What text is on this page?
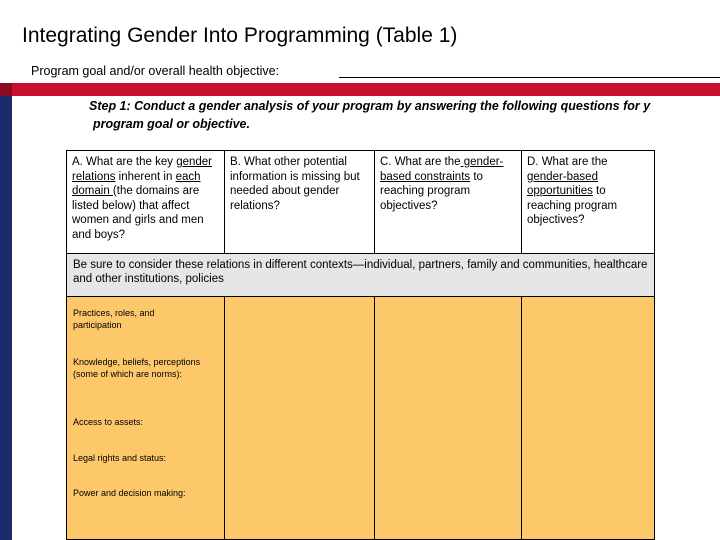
Integrating Gender Into Programming (Table 1)
Program goal and/or overall health objective:
Step 1: Conduct a gender analysis of your program by answering the following questions for y
program goal or objective.
A. What are the key gender relations inherent in each domain (the domains are listed below) that affect women and girls and men and boys?	B. What other potential information is missing but needed about gender relations?	C. What are the gender-based constraints to reaching program objectives?	D. What are the gender-based opportunities to reaching program objectives?
Be sure to consider these relations in different contexts—individual, partners, family and communities, healthcare and other institutions, policies			

Practices, roles, and participation
Knowledge, beliefs, perceptions (some of which are norms):
Access to assets:
Legal rights and status:
Power and decision making:			
